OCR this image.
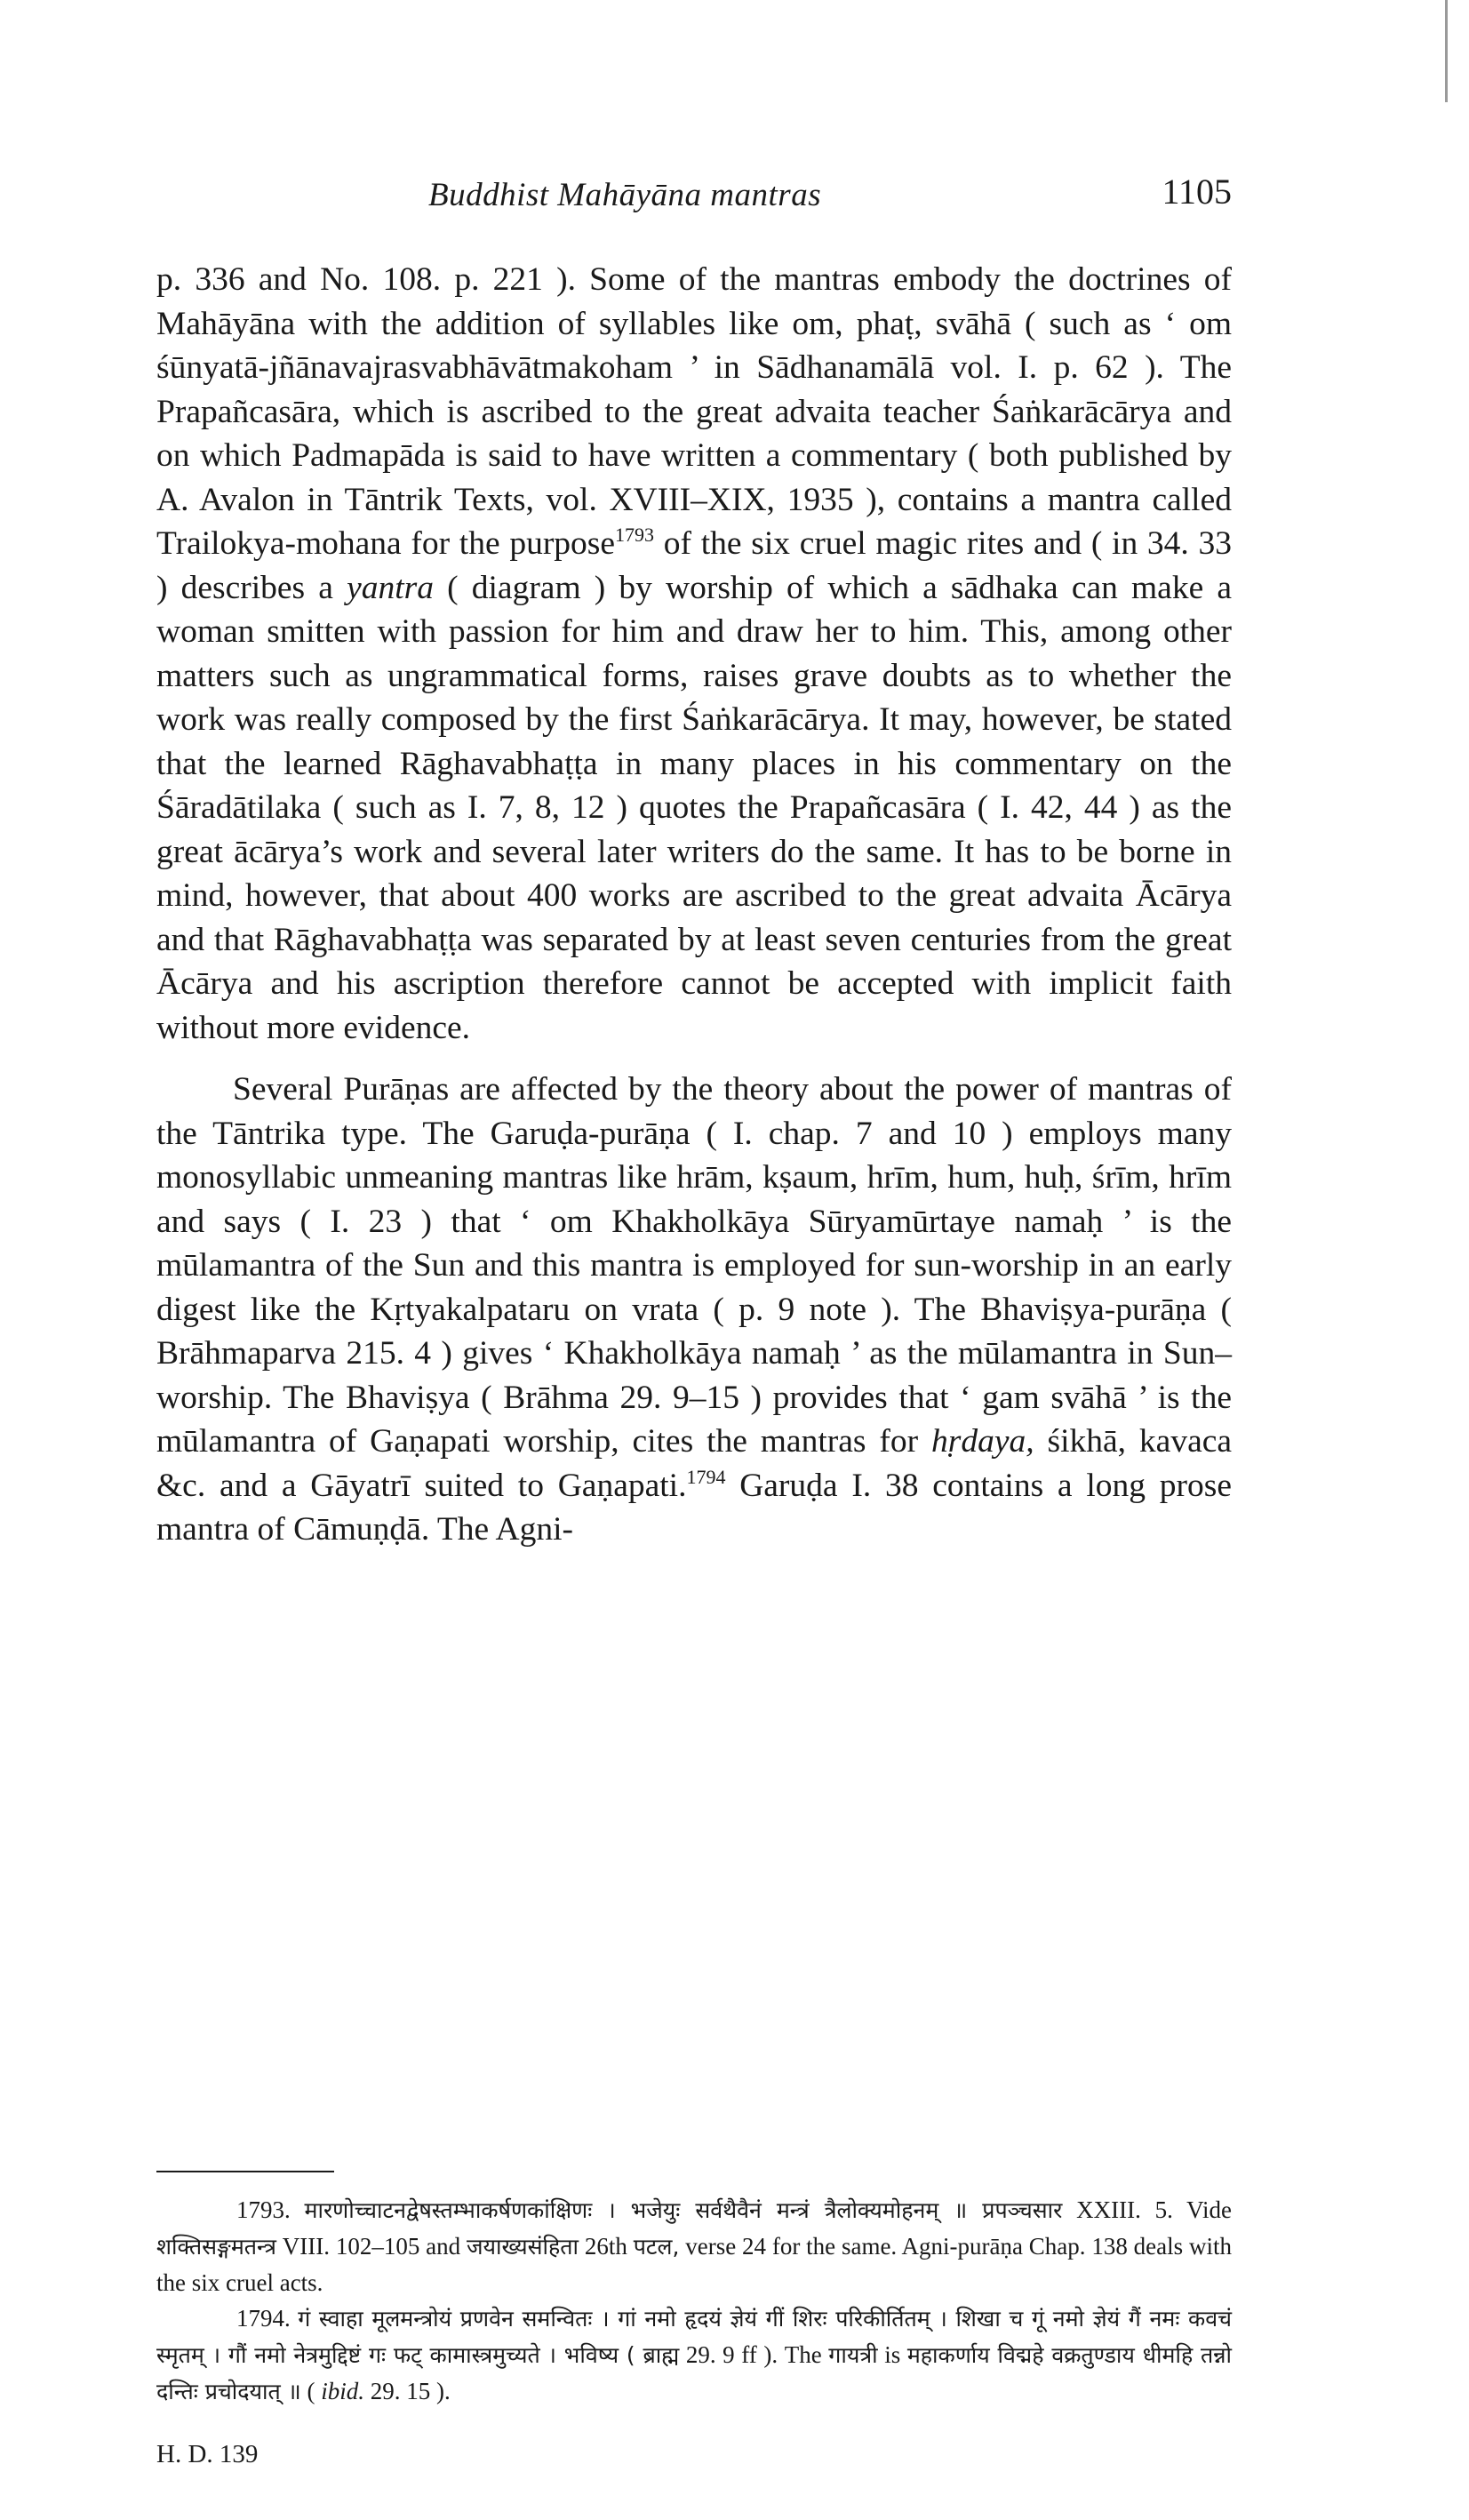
Buddhist Mahāyāna mantras	1105

p. 336 and No. 108. p. 221 ). Some of the mantras embody the doctrines of Mahāyāna with the addition of syllables like om, phaṭ, svāhā ( such as ‘ om śūnyatā-jñānavajrasvabhāvātmakoham ’ in Sādhanamālā vol. I. p. 62 ). The Prapañcasāra, which is ascribed to the great advaita teacher Śaṅkarācārya and on which Padmapāda is said to have written a commentary ( both published by A. Avalon in Tāntrik Texts, vol. XVIII–XIX, 1935 ), contains a mantra called Trailokya-mohana for the purpose$^{1793}$ of the six cruel magic rites and ( in 34. 33 ) describes a yantra ( diagram ) by worship of which a sādhaka can make a woman smitten with passion for him and draw her to him. This, among other matters such as ungrammatical forms, raises grave doubts as to whether the work was really composed by the first Śaṅkarācārya. It may, however, be stated that the learned Rāghavabhaṭṭa in many places in his commentary on the Śāradātilaka ( such as I. 7, 8, 12 ) quotes the Prapañcasāra ( I. 42, 44 ) as the great ācārya’s work and several later writers do the same. It has to be borne in mind, however, that about 400 works are ascribed to the great advaita Ācārya and that Rāghavabhaṭṭa was separated by at least seven centuries from the great Ācārya and his ascription therefore cannot be accepted with implicit faith without more evidence.

Several Purāṇas are affected by the theory about the power of mantras of the Tāntrika type. The Garuḍa-purāṇa ( I. chap. 7 and 10 ) employs many monosyllabic unmeaning mantras like hrām, kṣaum, hrīm, hum, huḥ, śrīm, hrīm and says ( I. 23 ) that ‘ om Khakholkāya Sūryamūrtaye namaḥ ’ is the mūlamantra of the Sun and this mantra is employed for sun-worship in an early digest like the Kṛtyakalpataru on vrata ( p. 9 note ). The Bhaviṣya-purāṇa ( Brāhmaparva 215. 4 ) gives ‘ Khakholkāya namaḥ ’ as the mūlamantra in Sun–worship. The Bhaviṣya ( Brāhma 29. 9–15 ) provides that ‘ gam svāhā ’ is the mūlamantra of Gaṇapati worship, cites the mantras for hṛdaya, śikhā, kavaca &c. and a Gāyatrī suited to Gaṇapati.$^{1794}$ Garuḍa I. 38 contains a long prose mantra of Cāmuṇḍā. The Agni-

1793. मारणोच्चाटनद्वेषस्तम्भाकर्षणकांक्षिणः । भजेयुः सर्वथैवैनं मन्त्रं त्रैलोक्यमोहनम् ॥ प्रपञ्चसार XXIII. 5. Vide शक्तिसङ्गमतन्त्र VIII. 102–105 and जयाख्यसंहिता 26th पटल, verse 24 for the same. Agni-purāṇa Chap. 138 deals with the six cruel acts.

1794. गं स्वाहा मूलमन्त्रोयं प्रणवेन समन्वितः । गां नमो हृदयं ज्ञेयं गीं शिरः परिकीर्तितम् । शिखा च गूं नमो ज्ञेयं गैं नमः कवचं स्मृतम् । गौं नमो नेत्रमुद्दिष्टं गः फट् कामास्त्रमुच्यते । भविष्य ( ब्राह्म 29. 9 ff ). The गायत्री is महाकर्णाय विद्महे वक्रतुण्डाय धीमहि तन्नो दन्तिः प्रचोदयात् ॥ ( ibid. 29. 15 ).

H. D. 139
